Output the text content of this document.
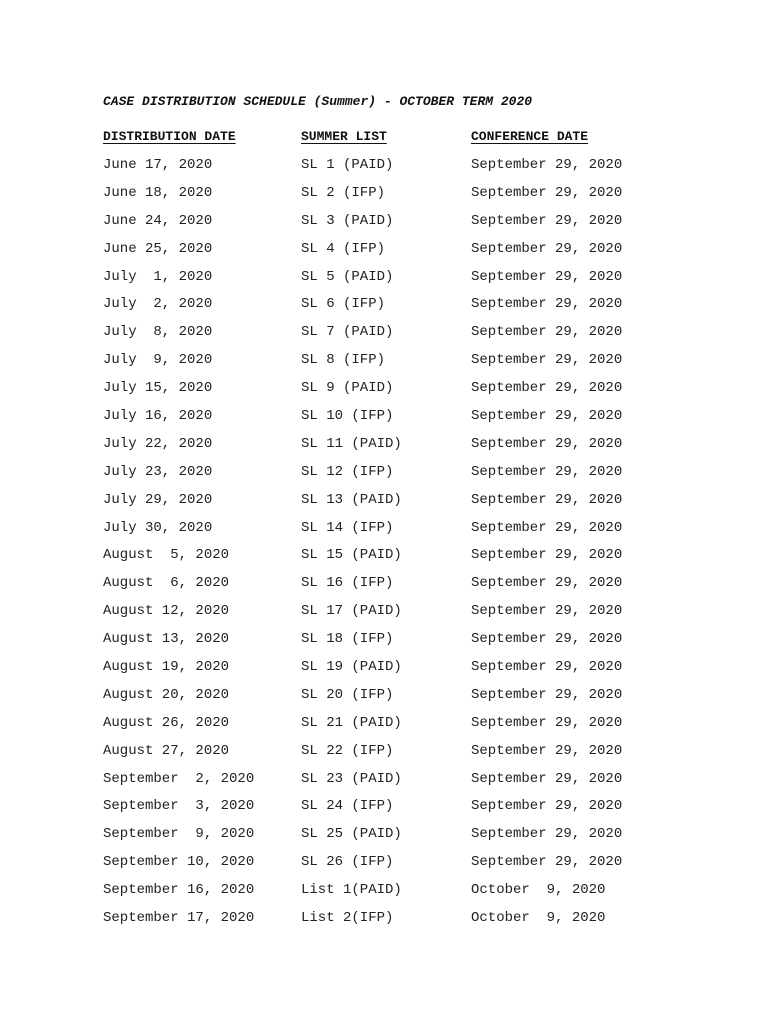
CASE DISTRIBUTION SCHEDULE (Summer) - OCTOBER TERM 2020
DISTRIBUTION DATE	SUMMER LIST	CONFERENCE DATE
June 17, 2020	SL 1 (PAID)	September 29, 2020
June 18, 2020	SL 2 (IFP)	September 29, 2020
June 24, 2020	SL 3 (PAID)	September 29, 2020
June 25, 2020	SL 4 (IFP)	September 29, 2020
July  1, 2020	SL 5 (PAID)	September 29, 2020
July  2, 2020	SL 6 (IFP)	September 29, 2020
July  8, 2020	SL 7 (PAID)	September 29, 2020
July  9, 2020	SL 8 (IFP)	September 29, 2020
July 15, 2020	SL 9 (PAID)	September 29, 2020
July 16, 2020	SL 10 (IFP)	September 29, 2020
July 22, 2020	SL 11 (PAID)	September 29, 2020
July 23, 2020	SL 12 (IFP)	September 29, 2020
July 29, 2020	SL 13 (PAID)	September 29, 2020
July 30, 2020	SL 14 (IFP)	September 29, 2020
August  5, 2020	SL 15 (PAID)	September 29, 2020
August  6, 2020	SL 16 (IFP)	September 29, 2020
August 12, 2020	SL 17 (PAID)	September 29, 2020
August 13, 2020	SL 18 (IFP)	September 29, 2020
August 19, 2020	SL 19 (PAID)	September 29, 2020
August 20, 2020	SL 20 (IFP)	September 29, 2020
August 26, 2020	SL 21 (PAID)	September 29, 2020
August 27, 2020	SL 22 (IFP)	September 29, 2020
September  2, 2020	SL 23 (PAID)	September 29, 2020
September  3, 2020	SL 24 (IFP)	September 29, 2020
September  9, 2020	SL 25 (PAID)	September 29, 2020
September 10, 2020	SL 26 (IFP)	September 29, 2020
September 16, 2020	List 1(PAID)	October  9, 2020
September 17, 2020	List 2(IFP)	October  9, 2020
